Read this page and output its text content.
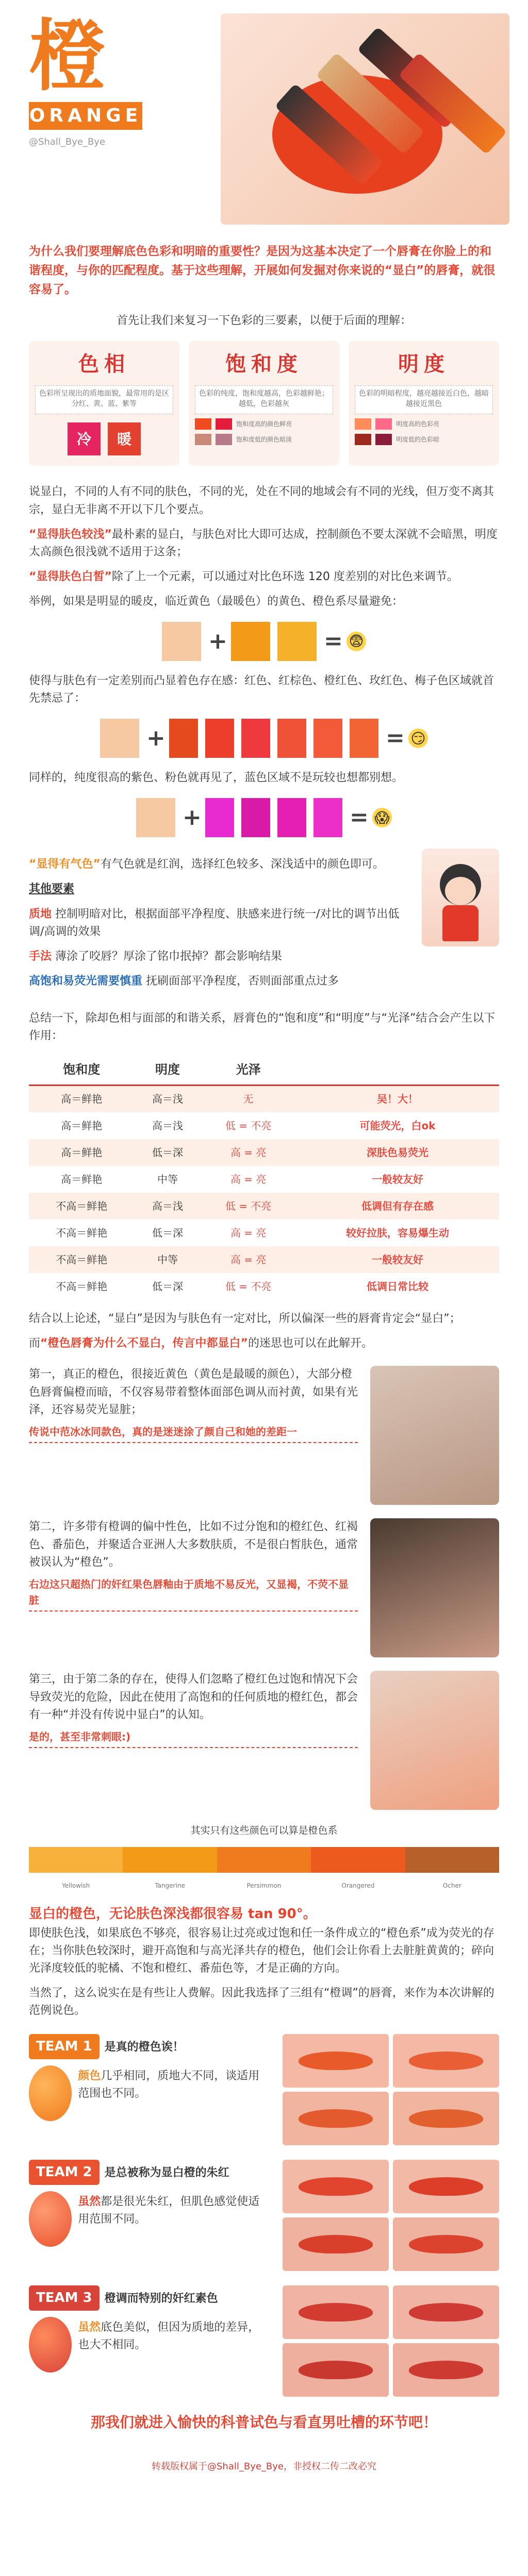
橙
ORANGE
@Shall_Bye_Bye

为什么我们要理解底色色彩和明暗的重要性？是因为这基本决定了一个唇膏在你脸上的和谐程度，与你的匹配程度。基于这些理解，开展如何发掘对你来说的“显白”的唇膏，就很容易了。

首先让我们来复习一下色彩的三要素，以便于后面的理解：

色相
色彩所呈现出的质地面貌，最常用的是区分红、黄、蓝、紫等
冷	暖
饱和度
色彩的纯度，饱和度越高，色彩越鲜艳；越低，色彩越灰
饱和度高的颜色鲜亮
饱和度低的颜色暗淡
明度
色彩的明暗程度，越亮越接近白色，越暗越接近黑色
明度高的色彩亮
明度低的色彩暗

说显白，不同的人有不同的肤色，不同的光，处在不同的地域会有不同的光线，但万变不离其宗，显白无非离不开以下几个要点。

“显得肤色较浅”最朴素的显白，与肤色对比大即可达成，控制颜色不要太深就不会暗黑，明度太高颜色很浅就不适用于这条；

“显得肤色白皙”除了上一个元素，可以通过对比色环选 120 度差别的对比色来调节。

举例，如果是明显的暖皮，临近黄色（最暖色）的黄色、橙色系尽量避免：

+	= 😨

使得与肤色有一定差别而凸显着色存在感：红色、红棕色、橙红色、玫红色、梅子色区域就首先禁忌了：

+	= 😏

同样的，纯度很高的紫色、粉色就再见了，蓝色区域不是玩较也想都别想。

+	= 😱

“显得有气色”有气色就是红润，选择红色较多、深浅适中的颜色即可。

其他要素

质地 控制明暗对比，根据面部平净程度、肤感来进行统一/对比的调节出低调/高调的效果

手法 薄涂了咬唇？厚涂了铭巾抿掉？都会影响结果

高饱和易荧光需要慎重 抚刷面部平净程度，否则面部重点过多

总结一下，除却色相与面部的和谐关系，唇膏色的“饱和度”和“明度”与“光泽”结合会产生以下作用：

饱和度	明度	光泽	
高＝鲜艳	高＝浅	无	吴！大！
高＝鲜艳	高＝浅	低 = 不亮	可能荧光，白ok
高＝鲜艳	低＝深	高 = 亮	深肤色易荧光
高＝鲜艳	中等	高 = 亮	一般较友好
不高＝鲜艳	高＝浅	低 = 不亮	低调但有存在感
不高＝鲜艳	低＝深	高 = 亮	较好拉肤，容易爆生动
不高＝鲜艳	中等	高 = 亮	一般较友好
不高＝鲜艳	低＝深	低 = 不亮	低调日常比较

结合以上论述，“显白”是因为与肤色有一定对比，所以偏深一些的唇膏肯定会“显白”；

而“橙色唇膏为什么不显白，传言中都显白”的迷思也可以在此解开。

第一，真正的橙色，很接近黄色（黄色是最暖的颜色），大部分橙色唇膏偏橙而暗，不仅容易带着整体面部色调从而衬黄，如果有光泽，还容易荧光显脏；

传说中范冰冰同款色，真的是迷迷涂了颜自己和她的差距一

第二，许多带有橙调的偏中性色，比如不过分饱和的橙红色、红褐色、番茄色，并聚适合亚洲人大多数肤质，不是很白皙肤色，通常被误认为“橙色”。

右边这只超热门的奸红果色唇釉由于质地不易反光，又显褐，不荧不显脏

第三，由于第二条的存在，使得人们忽略了橙红色过饱和情况下会导致荧光的危险，因此在使用了高饱和的任何质地的橙红色，都会有一种“并没有传说中显白”的认知。

是的，甚至非常刺眼:)

其实只有这些颜色可以算是橙色系

Yellowish	Tangerine	Persimmon	Orangered	Ocher

显白的橙色，无论肤色深浅都很容易 tan 90°。
即使肤色浅，如果底色不够亮，很容易让过亮或过饱和任一条件成立的“橙色系”成为荧光的存在；当你肤色较深时，避开高饱和与高光泽共存的橙色，他们会让你看上去脏脏黄黄的；碎向光泽度较低的驼橘、不饱和橙红、番茄色等，才是正确的方向。

当然了，这么说实在是有些让人费解。因此我选择了三组有“橙调”的唇膏，来作为本次讲解的范例说色。

TEAM 1 是真的橙色诶！

颜色几乎相同，质地大不同，谈适用范围也不同。

TEAM 2 是总被称为显白橙的朱红

虽然都是很光朱红，但肌色感觉使适用范围不同。

TEAM 3 橙调而特别的奸红素色

虽然底色美似，但因为质地的差异，也大不相同。

那我们就进入愉快的科普试色与看直男吐槽的环节吧！

转载版权属于@Shall_Bye_Bye，非授权二传二改必究
